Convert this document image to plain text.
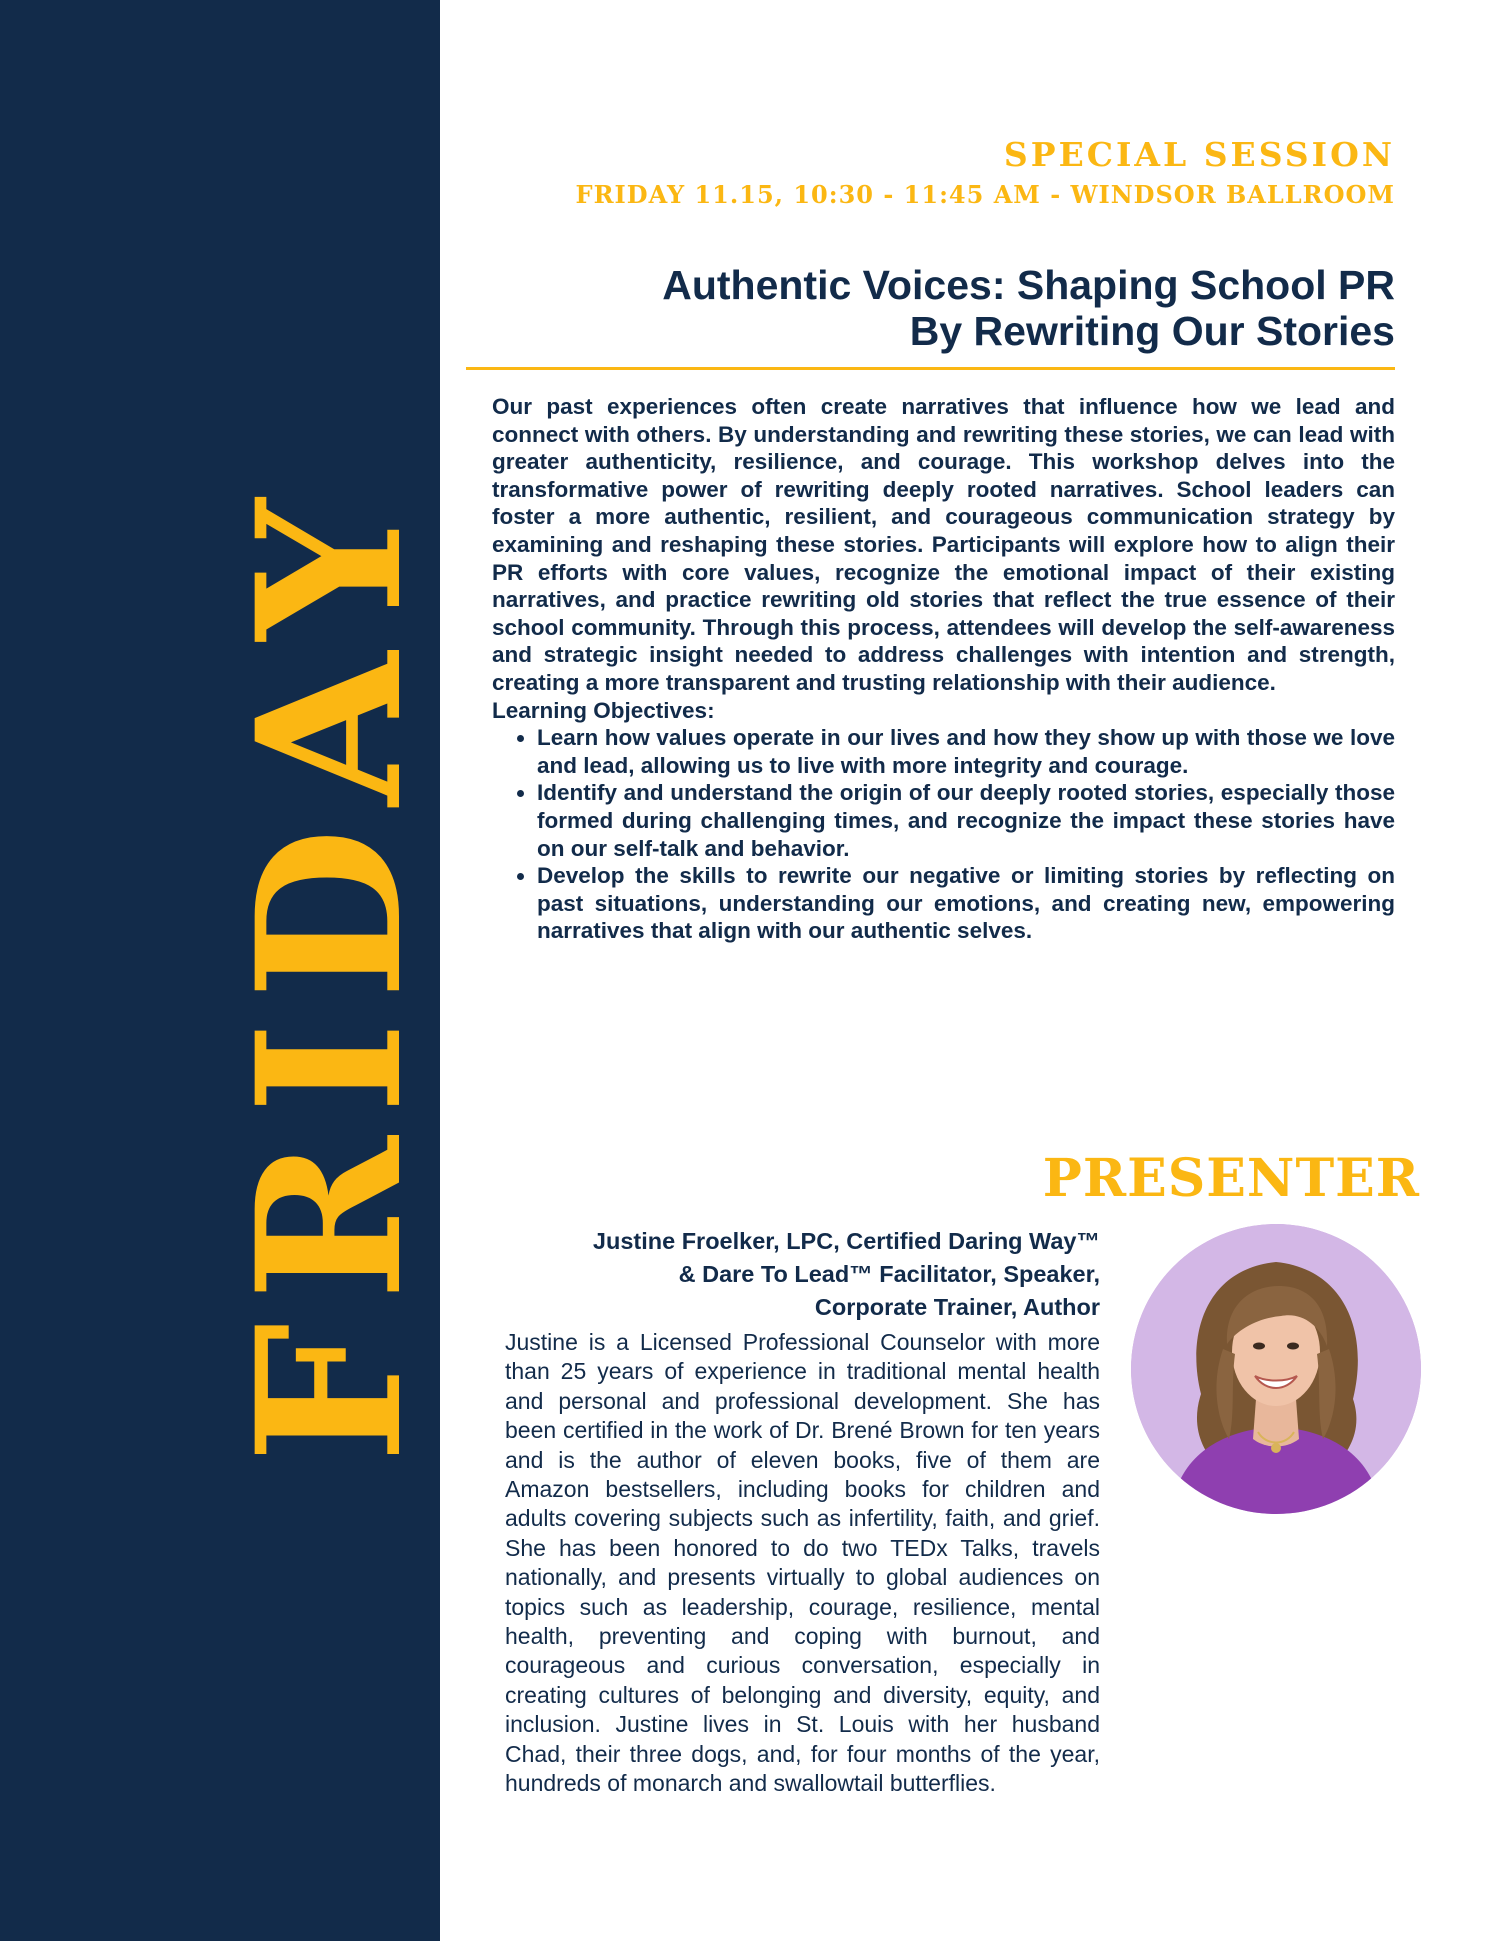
FRIDAY
SPECIAL SESSION
FRIDAY 11.15, 10:30 - 11:45 AM - WINDSOR BALLROOM
Authentic Voices: Shaping School PR
By Rewriting Our Stories

Our past experiences often create narratives that influence how we lead and connect with others. By understanding and rewriting these stories, we can lead with greater authenticity, resilience, and courage. This workshop delves into the transformative power of rewriting deeply rooted narratives. School leaders can foster a more authentic, resilient, and courageous communication strategy by examining and reshaping these stories. Participants will explore how to align their PR efforts with core values, recognize the emotional impact of their existing narratives, and practice rewriting old stories that reflect the true essence of their school community. Through this process, attendees will develop the self-awareness and strategic insight needed to address challenges with intention and strength, creating a more transparent and trusting relationship with their audience.

Learning Objectives:

• Learn how values operate in our lives and how they show up with those we love and lead, allowing us to live with more integrity and courage.
• Identify and understand the origin of our deeply rooted stories, especially those formed during challenging times, and recognize the impact these stories have on our self-talk and behavior.
• Develop the skills to rewrite our negative or limiting stories by reflecting on past situations, understanding our emotions, and creating new, empowering narratives that align with our authentic selves.
PRESENTER
Justine Froelker, LPC, Certified Daring Way™
& Dare To Lead™ Facilitator, Speaker,
Corporate Trainer, Author

Justine is a Licensed Professional Counselor with more than 25 years of experience in traditional mental health and personal and professional development. She has been certified in the work of Dr. Brené Brown for ten years and is the author of eleven books, five of them are Amazon bestsellers, including books for children and adults covering subjects such as infertility, faith, and grief. She has been honored to do two TEDx Talks, travels nationally, and presents virtually to global audiences on topics such as leadership, courage, resilience, mental health, preventing and coping with burnout, and courageous and curious conversation, especially in creating cultures of belonging and diversity, equity, and inclusion. Justine lives in St. Louis with her husband Chad, their three dogs, and, for four months of the year, hundreds of monarch and swallowtail butterflies.
